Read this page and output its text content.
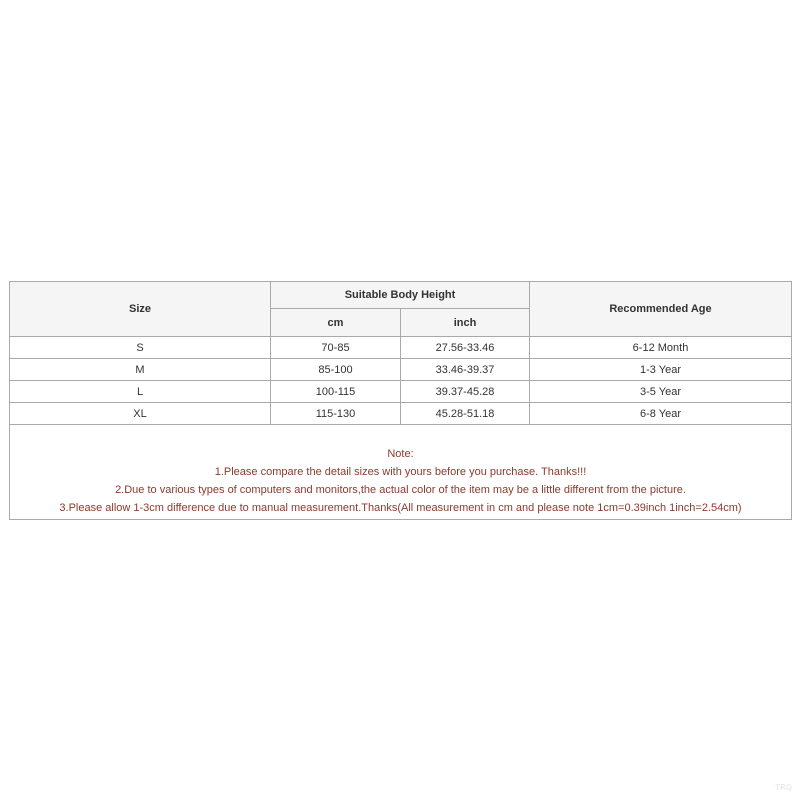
Size	Suitable Body Height		Recommended Age
	cm	inch	
S	70-85	27.56-33.46	6-12 Month
M	85-100	33.46-39.37	1-3 Year
L	100-115	39.37-45.28	3-5 Year
XL	115-130	45.28-51.18	6-8 Year

Note:
1.Please compare the detail sizes with yours before you purchase. Thanks!!!
2.Due to various types of computers and monitors,the actual color of the item may be a little different from the picture.
3.Please allow 1-3cm difference due to manual measurement.Thanks(All measurement in cm and please note 1cm=0.39inch 1inch=2.54cm)			
TRQ
